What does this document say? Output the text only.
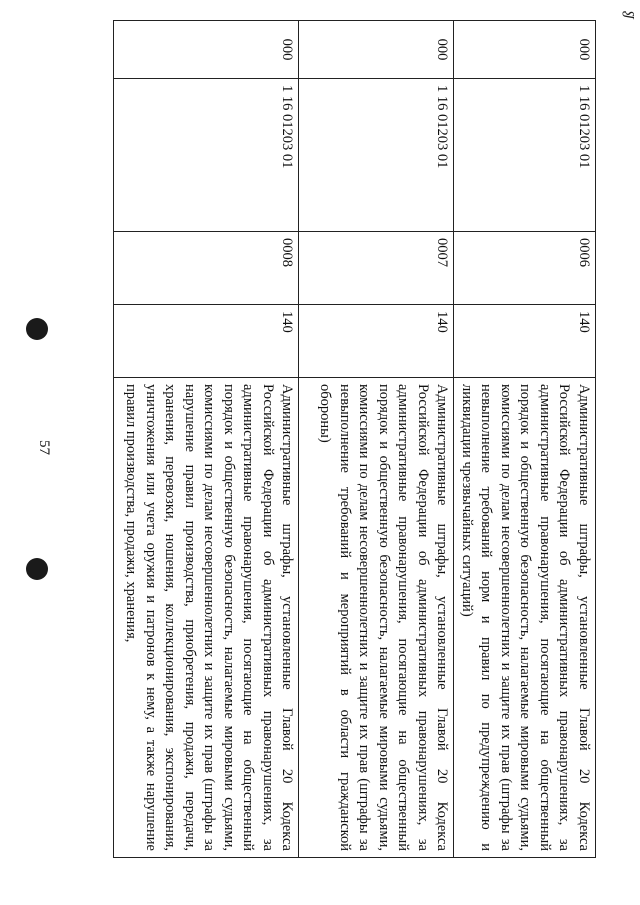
ß
57
000	1 16 01203 01	0006	140	Административные штрафы, установленные Главой 20 Кодекса Российской Федерации об административных правонарушениях, за административные правонарушения, посягающие на общественный порядок и общественную безопасность, налагаемые мировыми судьями, комиссиями по делам несовершеннолетних и защите их прав (штрафы за невыполнение требований норм и правил по предупреждению и ликвидации чрезвычайных ситуаций)
000	1 16 01203 01	0007	140	Административные штрафы, установленные Главой 20 Кодекса Российской Федерации об административных правонарушениях, за административные правонарушения, посягающие на общественный порядок и общественную безопасность, налагаемые мировыми судьями, комиссиями по делам несовершеннолетних и защите их прав (штрафы за невыполнение требований и мероприятий в области гражданской обороны)
000	1 16 01203 01	0008	140	Административные штрафы, установленные Главой 20 Кодекса Российской Федерации об административных правонарушениях, за административные правонарушения, посягающие на общественный порядок и общественную безопасность, налагаемые мировыми судьями, комиссиями по делам несовершеннолетних и защите их прав (штрафы за нарушение правил производства, приобретения, продажи, передачи, хранения, перевозки, ношения, коллекционирования, экспонирования, уничтожения или учета оружия и патронов к нему, а также нарушение правил производства, продажи, хранения,
